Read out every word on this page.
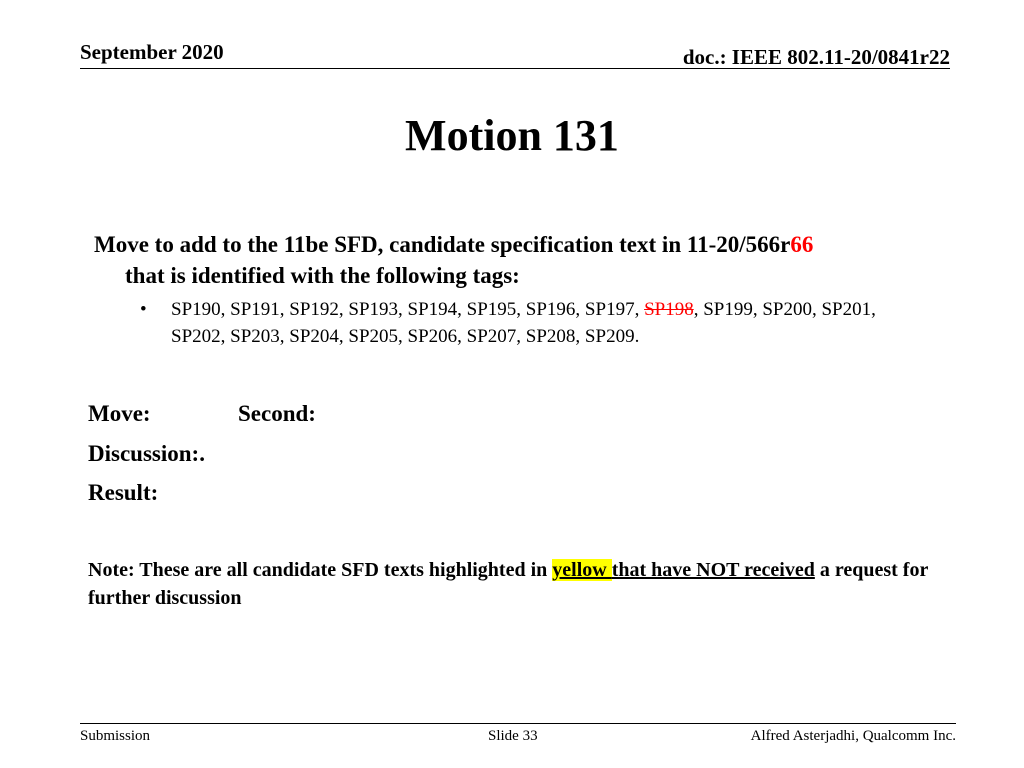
September 2020	doc.: IEEE 802.11-20/0841r22
Motion 131
Move to add to the 11be SFD, candidate specification text in 11-20/566r66
that is identified with the following tags:
•	SP190, SP191, SP192, SP193, SP194, SP195, SP196, SP197, SP198, SP199, SP200, SP201, SP202, SP203, SP204, SP205, SP206, SP207, SP208, SP209.
Move:	Second:
Discussion:.
Result:
Note: These are all candidate SFD texts highlighted in yellow that have NOT received a request for further discussion
Submission	Slide 33	Alfred Asterjadhi, Qualcomm Inc.
